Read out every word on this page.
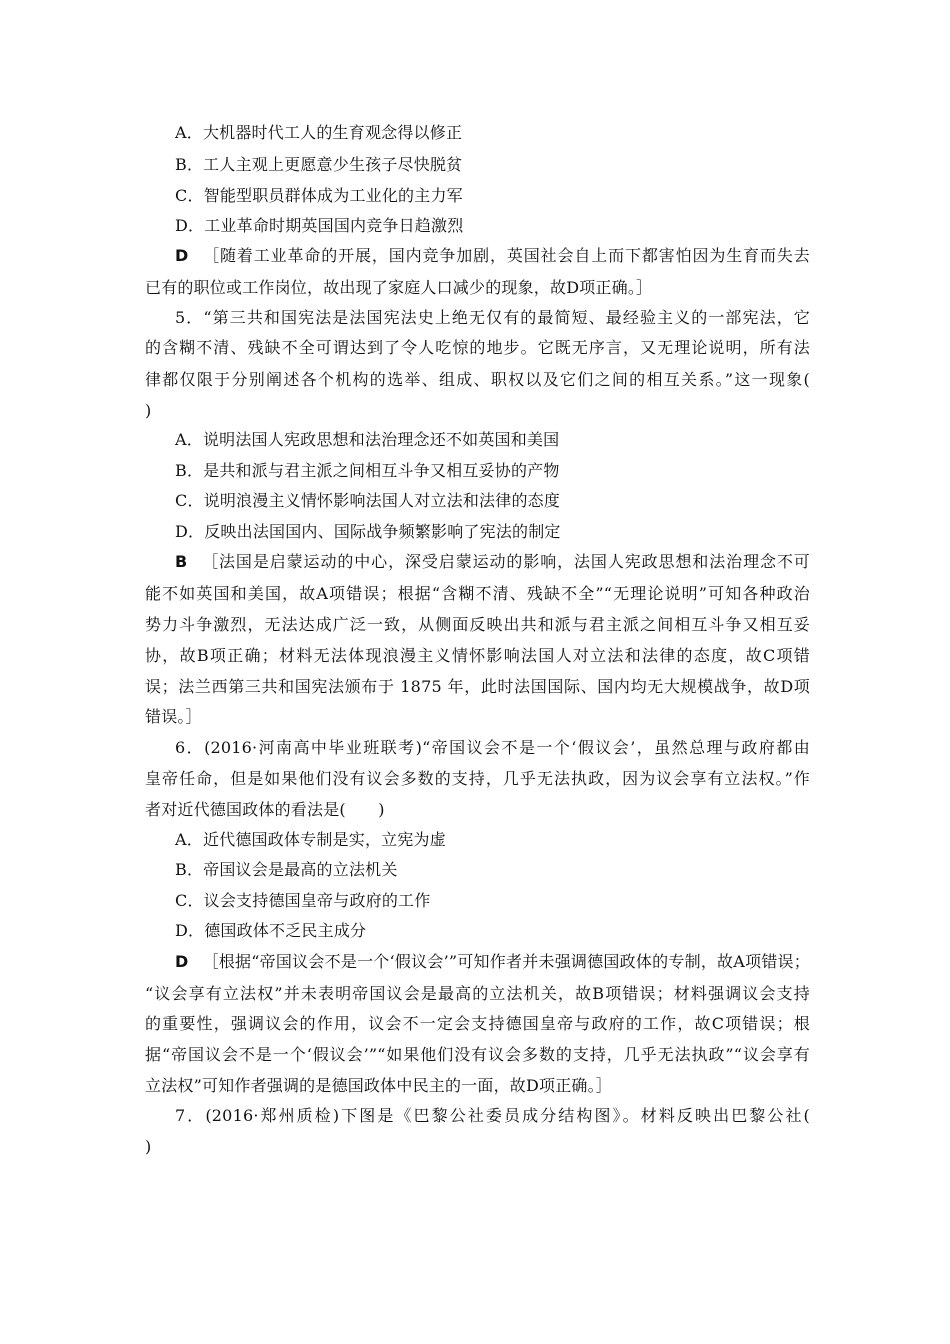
A．大机器时代工人的生育观念得以修正
B．工人主观上更愿意少生孩子尽快脱贫
C．智能型职员群体成为工业化的主力军
D．工业革命时期英国国内竞争日趋激烈
D ［随着工业革命的开展，国内竞争加剧，英国社会自上而下都害怕因为生育而失去
已有的职位或工作岗位，故出现了家庭人口减少的现象，故D项正确。］
5．“第三共和国宪法是法国宪法史上绝无仅有的最简短、最经验主义的一部宪法，它
的含糊不清、残缺不全可谓达到了令人吃惊的地步。它既无序言，又无理论说明，所有法
律都仅限于分别阐述各个机构的选举、组成、职权以及它们之间的相互关系。”这一现象(
)
A．说明法国人宪政思想和法治理念还不如英国和美国
B．是共和派与君主派之间相互斗争又相互妥协的产物
C．说明浪漫主义情怀影响法国人对立法和法律的态度
D．反映出法国国内、国际战争频繁影响了宪法的制定
B ［法国是启蒙运动的中心，深受启蒙运动的影响，法国人宪政思想和法治理念不可
能不如英国和美国，故A项错误；根据“含糊不清、残缺不全”“无理论说明”可知各种政治
势力斗争激烈，无法达成广泛一致，从侧面反映出共和派与君主派之间相互斗争又相互妥
协，故B项正确；材料无法体现浪漫主义情怀影响法国人对立法和法律的态度，故C项错
误；法兰西第三共和国宪法颁布于 1875 年，此时法国国际、国内均无大规模战争，故D项
错误。］
6．(2016·河南高中毕业班联考)“帝国议会不是一个‘假议会’，虽然总理与政府都由
皇帝任命，但是如果他们没有议会多数的支持，几乎无法执政，因为议会享有立法权。”作
者对近代德国政体的看法是(　　)
A．近代德国政体专制是实，立宪为虚
B．帝国议会是最高的立法机关
C．议会支持德国皇帝与政府的工作
D．德国政体不乏民主成分
D ［根据“帝国议会不是一个‘假议会’”可知作者并未强调德国政体的专制，故A项错误；
“议会享有立法权”并未表明帝国议会是最高的立法机关，故B项错误；材料强调议会支持
的重要性，强调议会的作用，议会不一定会支持德国皇帝与政府的工作，故C项错误；根
据“帝国议会不是一个‘假议会’”“如果他们没有议会多数的支持，几乎无法执政”“议会享有
立法权”可知作者强调的是德国政体中民主的一面，故D项正确。］
7．(2016·郑州质检)下图是《巴黎公社委员成分结构图》。材料反映出巴黎公社(
)
